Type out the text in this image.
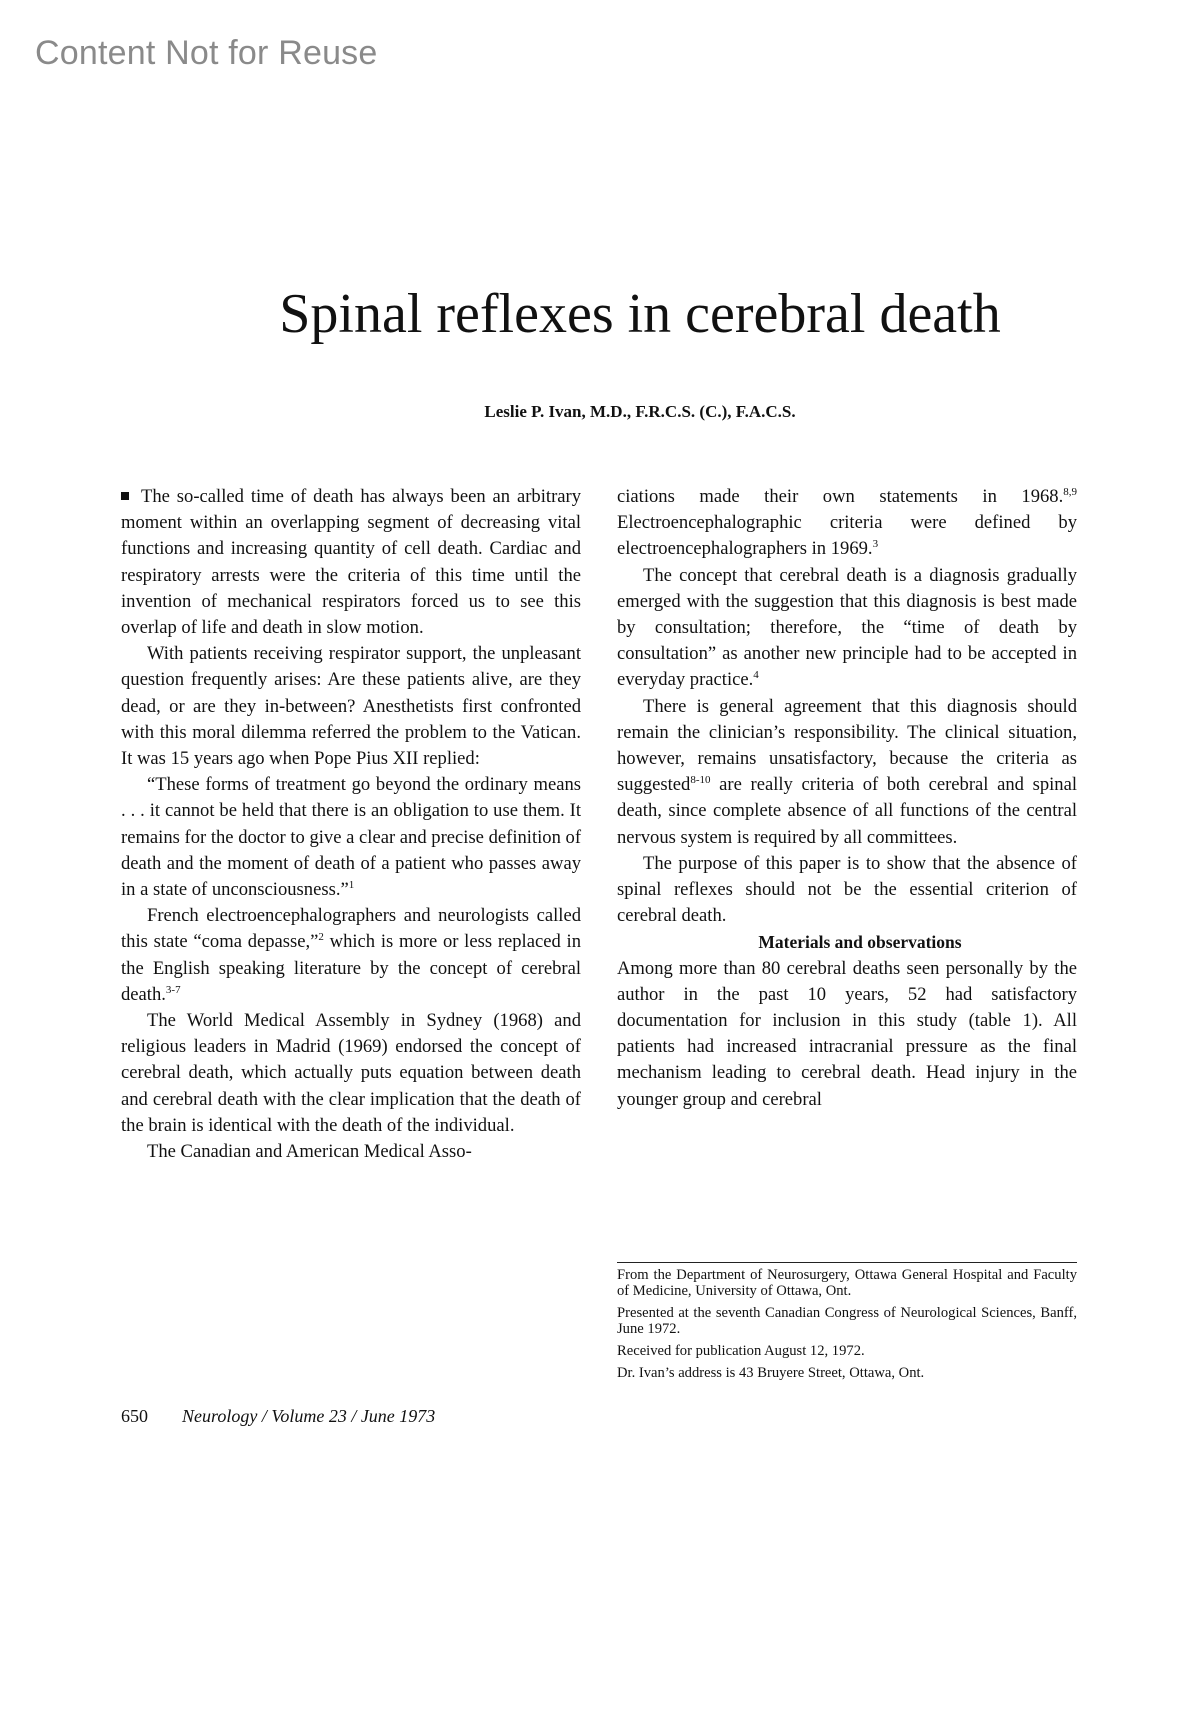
Content Not for Reuse
Spinal reflexes in cerebral death
Leslie P. Ivan, M.D., F.R.C.S. (C.), F.A.C.S.

The so-called time of death has always been an arbitrary moment within an overlapping segment of decreasing vital functions and increasing quantity of cell death. Cardiac and respiratory arrests were the criteria of this time until the invention of mechanical respirators forced us to see this overlap of life and death in slow motion.

With patients receiving respirator support, the unpleasant question frequently arises: Are these patients alive, are they dead, or are they in-between? Anesthetists first confronted with this moral dilemma referred the problem to the Vatican. It was 15 years ago when Pope Pius XII replied:

“These forms of treatment go beyond the ordinary means . . . it cannot be held that there is an obligation to use them. It remains for the doctor to give a clear and precise definition of death and the moment of death of a patient who passes away in a state of unconsciousness.”$^1$

French electroencephalographers and neurologists called this state “coma depasse,”$^2$ which is more or less replaced in the English speaking literature by the concept of cerebral death.$^{3-7}$

The World Medical Assembly in Sydney (1968) and religious leaders in Madrid (1969) endorsed the concept of cerebral death, which actually puts equation between death and cerebral death with the clear implication that the death of the brain is identical with the death of the individual.

The Canadian and American Medical Asso-

ciations made their own statements in 1968.$^{8,9}$ Electroencephalographic criteria were defined by electroencephalographers in 1969.$^3$

The concept that cerebral death is a diagnosis gradually emerged with the suggestion that this diagnosis is best made by consultation; therefore, the “time of death by consultation” as another new principle had to be accepted in everyday practice.$^4$

There is general agreement that this diagnosis should remain the clinician’s responsibility. The clinical situation, however, remains unsatisfactory, because the criteria as suggested$^{8-10}$ are really criteria of both cerebral and spinal death, since complete absence of all functions of the central nervous system is required by all committees.

The purpose of this paper is to show that the absence of spinal reflexes should not be the essential criterion of cerebral death.

Materials and observations

Among more than 80 cerebral deaths seen personally by the author in the past 10 years, 52 had satisfactory documentation for inclusion in this study (table 1). All patients had increased intracranial pressure as the final mechanism leading to cerebral death. Head injury in the younger group and cerebral

From the Department of Neurosurgery, Ottawa General Hospital and Faculty of Medicine, University of Ottawa, Ont.

Presented at the seventh Canadian Congress of Neurological Sciences, Banff, June 1972.

Received for publication August 12, 1972.

Dr. Ivan’s address is 43 Bruyere Street, Ottawa, Ont.

650 Neurology / Volume 23 / June 1973
